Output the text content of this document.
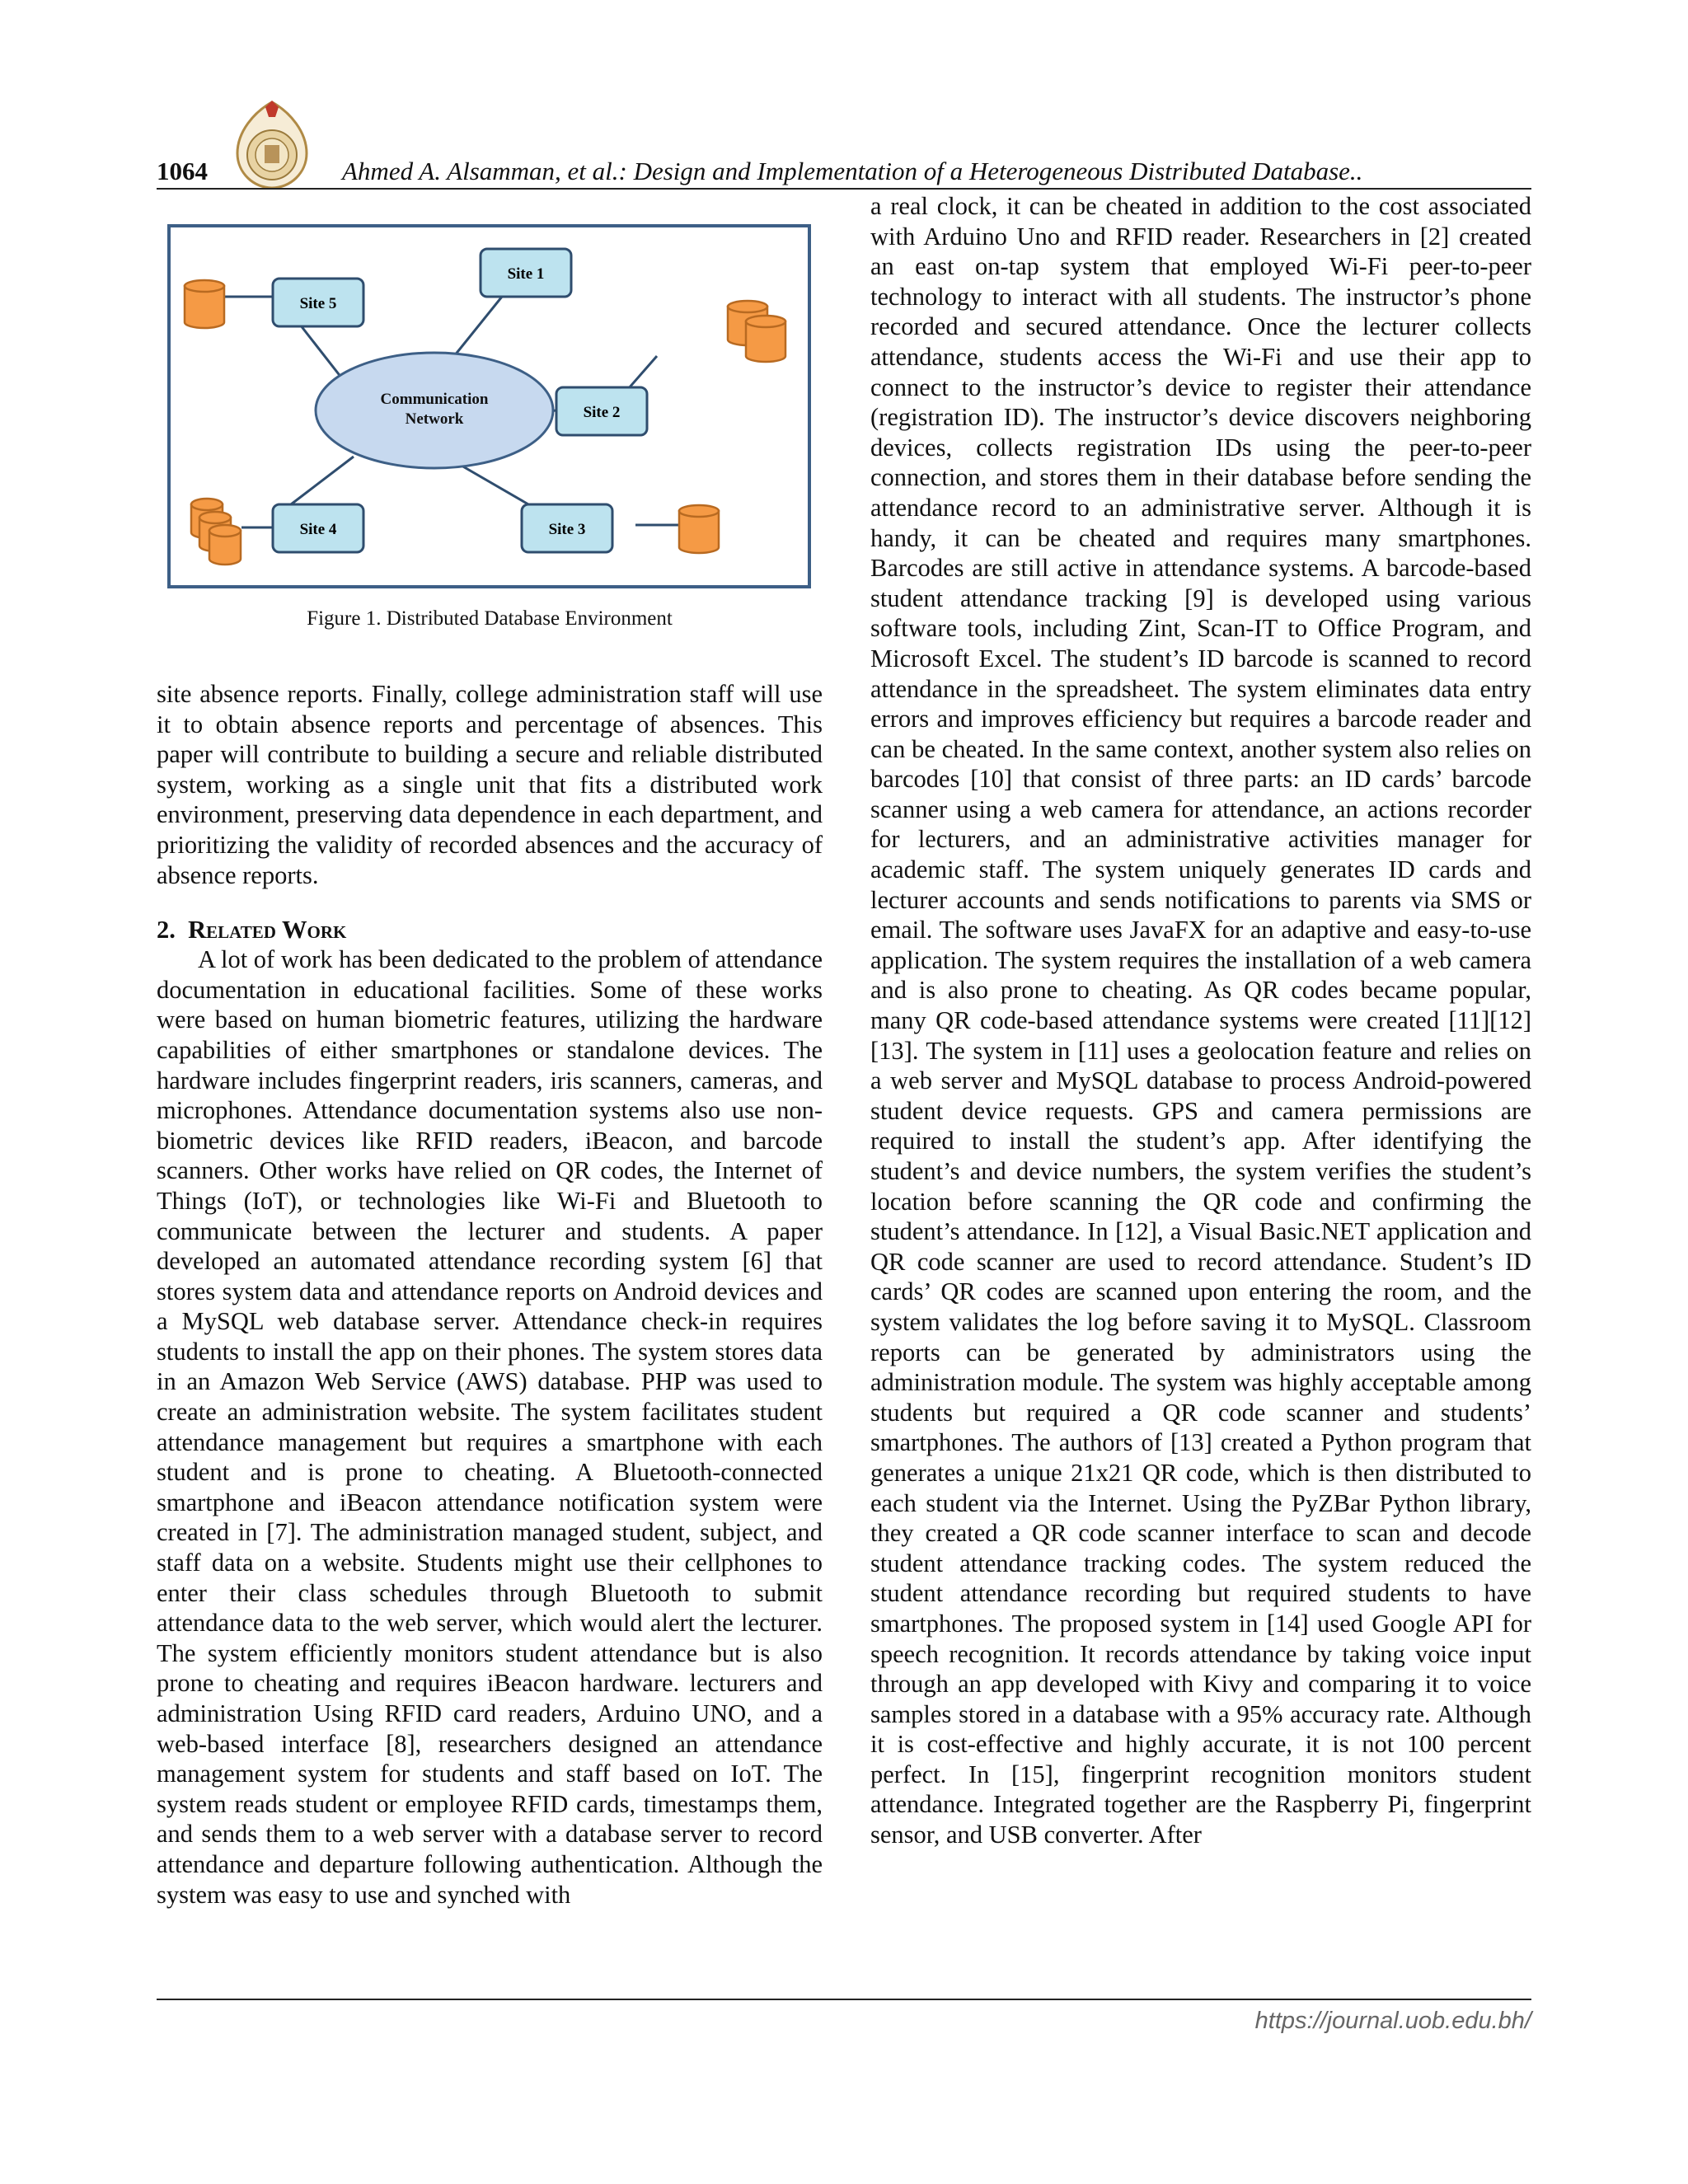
1064	Ahmed A. Alsamman, et al.: Design and Implementation of a Heterogeneous Distributed Database..
Communication
Network
Site 5
Site 1
Site 2
Site 3
Site 4
Figure 1. Distributed Database Environment

site absence reports. Finally, college administration staff will use it to obtain absence reports and percentage of absences. This paper will contribute to building a secure and reliable distributed system, working as a single unit that fits a distributed work environment, preserving data dependence in each department, and prioritizing the validity of recorded absences and the accuracy of absence reports.

2. Related Work

A lot of work has been dedicated to the problem of attendance documentation in educational facilities. Some of these works were based on human biometric features, utilizing the hardware capabilities of either smartphones or standalone devices. The hardware includes fingerprint readers, iris scanners, cameras, and microphones. Attendance documentation systems also use non-biometric devices like RFID readers, iBeacon, and barcode scanners. Other works have relied on QR codes, the Internet of Things (IoT), or technologies like Wi-Fi and Bluetooth to communicate between the lecturer and students. A paper developed an automated attendance recording system [6] that stores system data and attendance reports on Android devices and a MySQL web database server. Attendance check-in requires students to install the app on their phones. The system stores data in an Amazon Web Service (AWS) database. PHP was used to create an administration website. The system facilitates student attendance management but requires a smartphone with each student and is prone to cheating. A Bluetooth-connected smartphone and iBeacon attendance notification system were created in [7]. The administration managed student, subject, and staff data on a website. Students might use their cellphones to enter their class schedules through Bluetooth to submit attendance data to the web server, which would alert the lecturer. The system efficiently monitors student attendance but is also prone to cheating and requires iBeacon hardware. lecturers and administration Using RFID card readers, Arduino UNO, and a web-based interface [8], researchers designed an attendance management system for students and staff based on IoT. The system reads student or employee RFID cards, timestamps them, and sends them to a web server with a database server to record attendance and departure following authentication. Although the system was easy to use and synched with

a real clock, it can be cheated in addition to the cost associated with Arduino Uno and RFID reader. Researchers in [2] created an east on-tap system that employed Wi-Fi peer-to-peer technology to interact with all students. The instructor’s phone recorded and secured attendance. Once the lecturer collects attendance, students access the Wi-Fi and use their app to connect to the instructor’s device to register their attendance (registration ID). The instructor’s device discovers neighboring devices, collects registration IDs using the peer-to-peer connection, and stores them in their database before sending the attendance record to an administrative server. Although it is handy, it can be cheated and requires many smartphones. Barcodes are still active in attendance systems. A barcode-based student attendance tracking [9] is developed using various software tools, including Zint, Scan-IT to Office Program, and Microsoft Excel. The student’s ID barcode is scanned to record attendance in the spreadsheet. The system eliminates data entry errors and improves efficiency but requires a barcode reader and can be cheated. In the same context, another system also relies on barcodes [10] that consist of three parts: an ID cards’ barcode scanner using a web camera for attendance, an actions recorder for lecturers, and an administrative activities manager for academic staff. The system uniquely generates ID cards and lecturer accounts and sends notifications to parents via SMS or email. The software uses JavaFX for an adaptive and easy-to-use application. The system requires the installation of a web camera and is also prone to cheating. As QR codes became popular, many QR code-based attendance systems were created [11][12][13]. The system in [11] uses a geolocation feature and relies on a web server and MySQL database to process Android-powered student device requests. GPS and camera permissions are required to install the student’s app. After identifying the student’s and device numbers, the system verifies the student’s location before scanning the QR code and confirming the student’s attendance. In [12], a Visual Basic.NET application and QR code scanner are used to record attendance. Student’s ID cards’ QR codes are scanned upon entering the room, and the system validates the log before saving it to MySQL. Classroom reports can be generated by administrators using the administration module. The system was highly acceptable among students but required a QR code scanner and students’ smartphones. The authors of [13] created a Python program that generates a unique 21x21 QR code, which is then distributed to each student via the Internet. Using the PyZBar Python library, they created a QR code scanner interface to scan and decode student attendance tracking codes. The system reduced the student attendance recording but required students to have smartphones. The proposed system in [14] used Google API for speech recognition. It records attendance by taking voice input through an app developed with Kivy and comparing it to voice samples stored in a database with a 95% accuracy rate. Although it is cost-effective and highly accurate, it is not 100 percent perfect. In [15], fingerprint recognition monitors student attendance. Integrated together are the Raspberry Pi, fingerprint sensor, and USB converter. After

https://journal.uob.edu.bh/
